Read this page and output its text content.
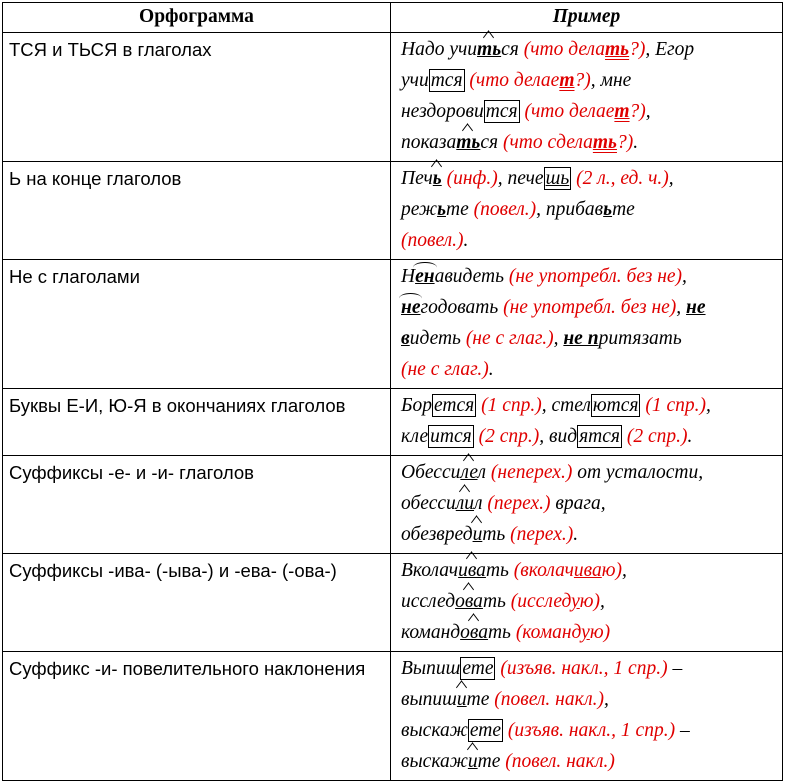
Орфограмма	Пример
ТСЯ и ТЬСЯ в глаголах	Надо учиться (что делать?), Егор
учи тся (что делает?), мне
нездорови тся (что делает?),
показаться (что сделать?).

Ь на конце глаголов	Печь (инф.), пече шь (2 л., ед. ч.),
режьте (повел.), прибавьте
(повел.).

Не с глаголами	Ненавидеть (не употребл. без не),
негодовать (не употребл. без не), не
видеть (не с глаг.), не притязать
(не с глаг.).

Буквы Е-И, Ю-Я в окончаниях глаголов	Бор ется (1 спр.), стел ются (1 спр.),
кле ится (2 спр.), вид ятся (2 спр.).

Суффиксы -е- и -и- глаголов	Обессилел (неперех.) от усталости,
обессилил (перех.) врага,
обезвредить (перех.).

Суффиксы -ива- (-ыва-) и -ева- (-ова-)	Вколачивать (вколачиваю),
исследовать (исследую),
командовать (командую)

Суффикс -и- повелительного наклонения	Выпиш ете (изъяв. накл., 1 спр.) –
выпишите (повел. накл.),
выскаж ете (изъяв. накл., 1 спр.) –
выскажите (повел. накл.)
